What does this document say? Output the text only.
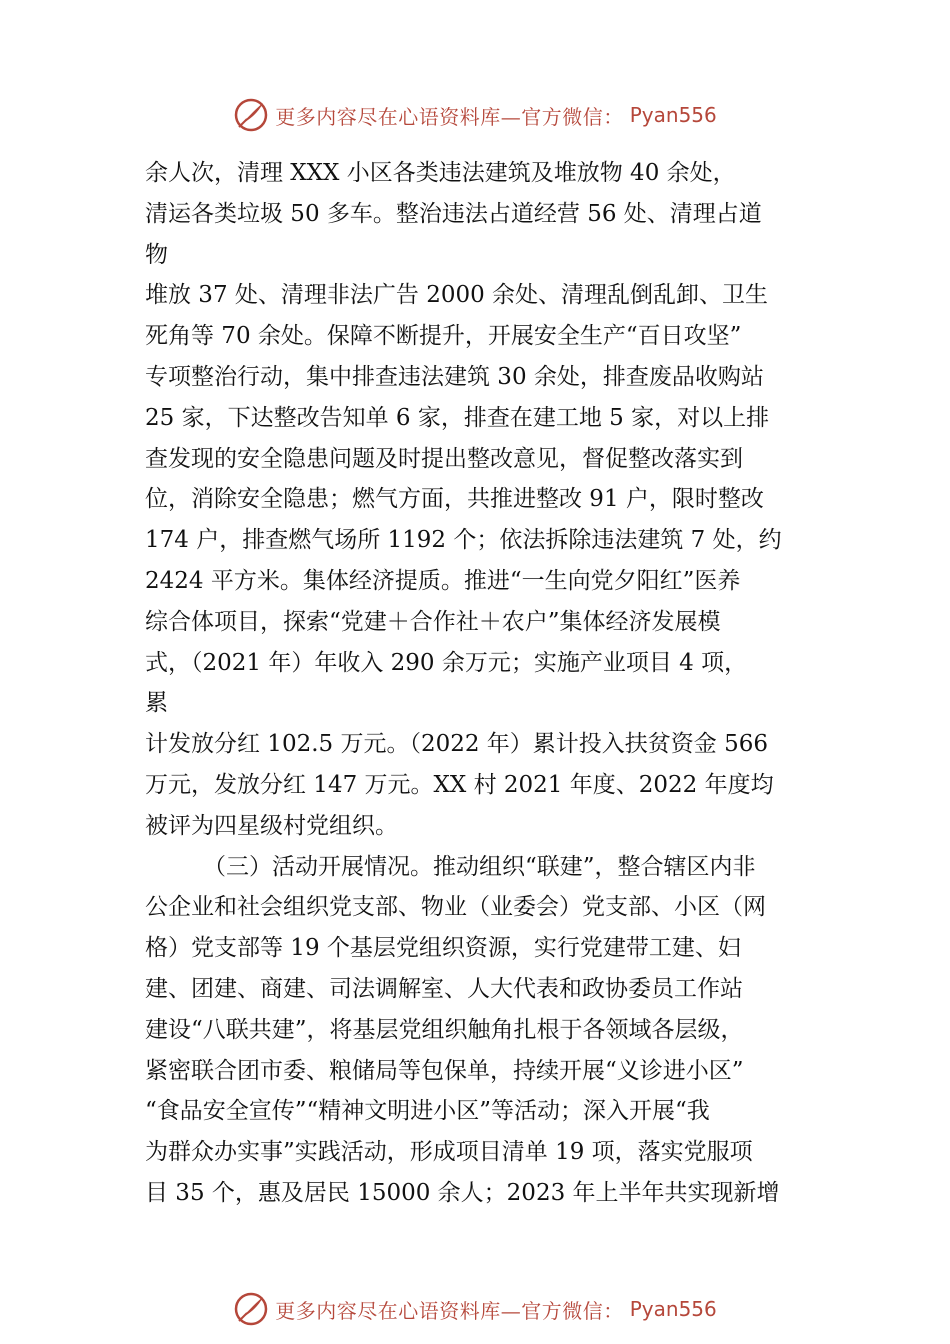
更多内容尽在心语资料库—官方微信： Pyan556
余人次，清理 XXX 小区各类违法建筑及堆放物 40 余处，
清运各类垃圾 50 多车。整治违法占道经营 56 处、清理占道
物
堆放 37 处、清理非法广告 2000 余处、清理乱倒乱卸、卫生
死角等 70 余处。保障不断提升，开展安全生产“百日攻坚”
专项整治行动，集中排查违法建筑 30 余处，排查废品收购站
25 家，下达整改告知单 6 家，排查在建工地 5 家，对以上排
查发现的安全隐患问题及时提出整改意见，督促整改落实到
位，消除安全隐患；燃气方面，共推进整改 91 户，限时整改
174 户，排查燃气场所 1192 个；依法拆除违法建筑 7 处，约
2424 平方米。集体经济提质。推进“一生向党夕阳红”医养
综合体项目，探索“党建＋合作社＋农户”集体经济发展模
式，（2021 年）年收入 290 余万元；实施产业项目 4 项，
累
计发放分红 102.5 万元。（2022 年）累计投入扶贫资金 566
万元，发放分红 147 万元。XX 村 2021 年度、2022 年度均
被评为四星级村党组织。
（三）活动开展情况。推动组织“联建”，整合辖区内非
公企业和社会组织党支部、物业（业委会）党支部、小区（网
格）党支部等 19 个基层党组织资源，实行党建带工建、妇
建、团建、商建、司法调解室、人大代表和政协委员工作站
建设“八联共建”，将基层党组织触角扎根于各领域各层级，
紧密联合团市委、粮储局等包保单，持续开展“义诊进小区”
“食品安全宣传”“精神文明进小区”等活动；深入开展“我
为群众办实事”实践活动，形成项目清单 19 项，落实党服项
目 35 个，惠及居民 15000 余人；2023 年上半年共实现新增
更多内容尽在心语资料库—官方微信： Pyan556
